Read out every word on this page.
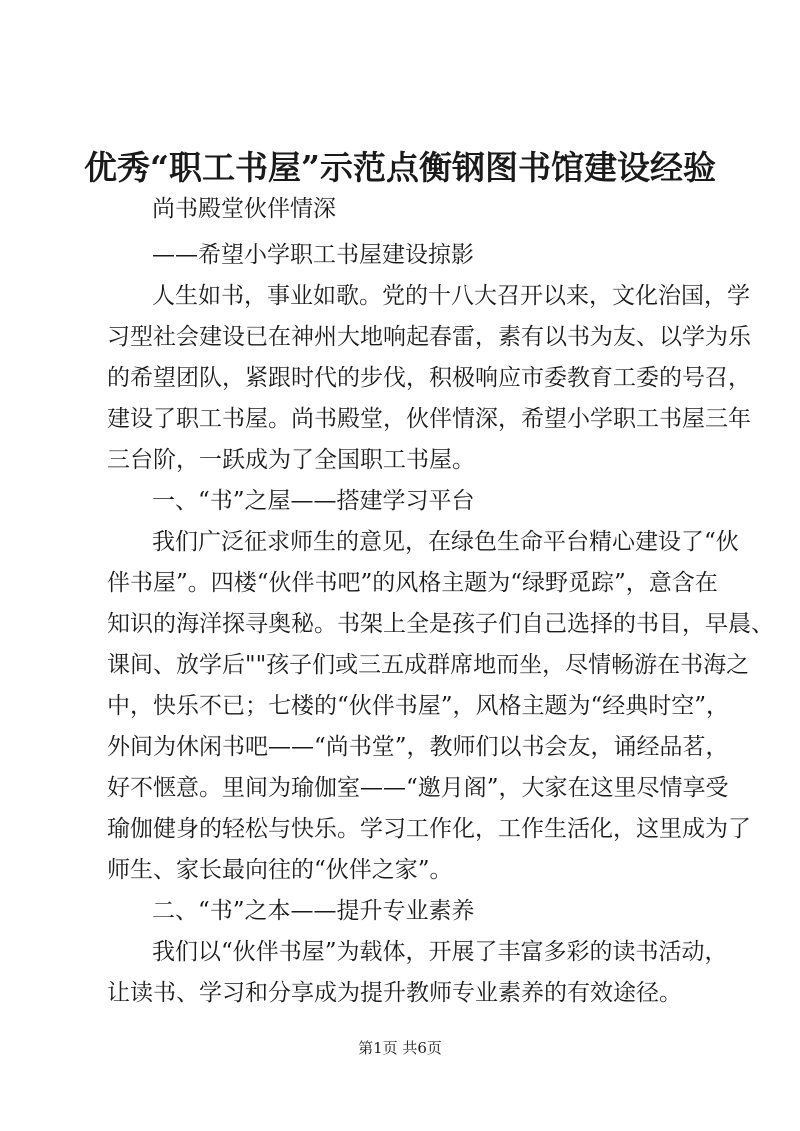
优秀“职工书屋”示范点衡钢图书馆建设经验
尚书殿堂伙伴情深
——希望小学职工书屋建设掠影
人生如书，事业如歌。党的十八大召开以来，文化治国，学
习型社会建设已在神州大地响起春雷，素有以书为友、以学为乐
的希望团队，紧跟时代的步伐，积极响应市委教育工委的号召，
建设了职工书屋。尚书殿堂，伙伴情深，希望小学职工书屋三年
三台阶，一跃成为了全国职工书屋。
一、“书”之屋——搭建学习平台
我们广泛征求师生的意见，在绿色生命平台精心建设了“伙
伴书屋”。四楼“伙伴书吧”的风格主题为“绿野觅踪”，意含在
知识的海洋探寻奥秘。书架上全是孩子们自己选择的书目，早晨、
课间、放学后""孩子们或三五成群席地而坐，尽情畅游在书海之
中，快乐不已；七楼的“伙伴书屋”，风格主题为“经典时空”，
外间为休闲书吧——“尚书堂”，教师们以书会友，诵经品茗，
好不惬意。里间为瑜伽室——“邀月阁”，大家在这里尽情享受
瑜伽健身的轻松与快乐。学习工作化，工作生活化，这里成为了
师生、家长最向往的“伙伴之家”。
二、“书”之本——提升专业素养
我们以“伙伴书屋”为载体，开展了丰富多彩的读书活动，
让读书、学习和分享成为提升教师专业素养的有效途径。
第1页 共6页
